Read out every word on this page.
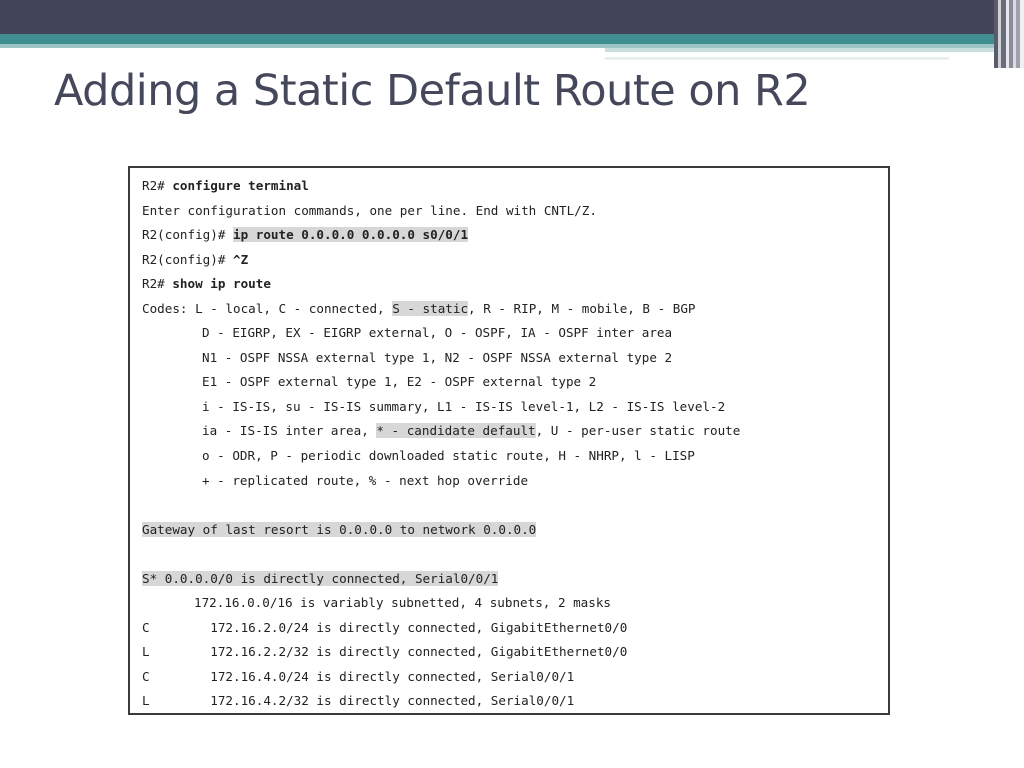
Adding a Static Default Route on R2
R2# configure terminal
Enter configuration commands, one per line. End with CNTL/Z.
R2(config)# ip route 0.0.0.0 0.0.0.0 s0/0/1
R2(config)# ^Z
R2# show ip route
Codes: L - local, C - connected, S - static, R - RIP, M - mobile, B - BGP
D - EIGRP, EX - EIGRP external, O - OSPF, IA - OSPF inter area
N1 - OSPF NSSA external type 1, N2 - OSPF NSSA external type 2
E1 - OSPF external type 1, E2 - OSPF external type 2
i - IS-IS, su - IS-IS summary, L1 - IS-IS level-1, L2 - IS-IS level-2
ia - IS-IS inter area, * - candidate default, U - per-user static route
o - ODR, P - periodic downloaded static route, H - NHRP, l - LISP
+ - replicated route, % - next hop override
Gateway of last resort is 0.0.0.0 to network 0.0.0.0
S* 0.0.0.0/0 is directly connected, Serial0/0/1
172.16.0.0/16 is variably subnetted, 4 subnets, 2 masks
C	172.16.2.0/24 is directly connected, GigabitEthernet0/0
L	172.16.2.2/32 is directly connected, GigabitEthernet0/0
C	172.16.4.0/24 is directly connected, Serial0/0/1
L	172.16.4.2/32 is directly connected, Serial0/0/1
